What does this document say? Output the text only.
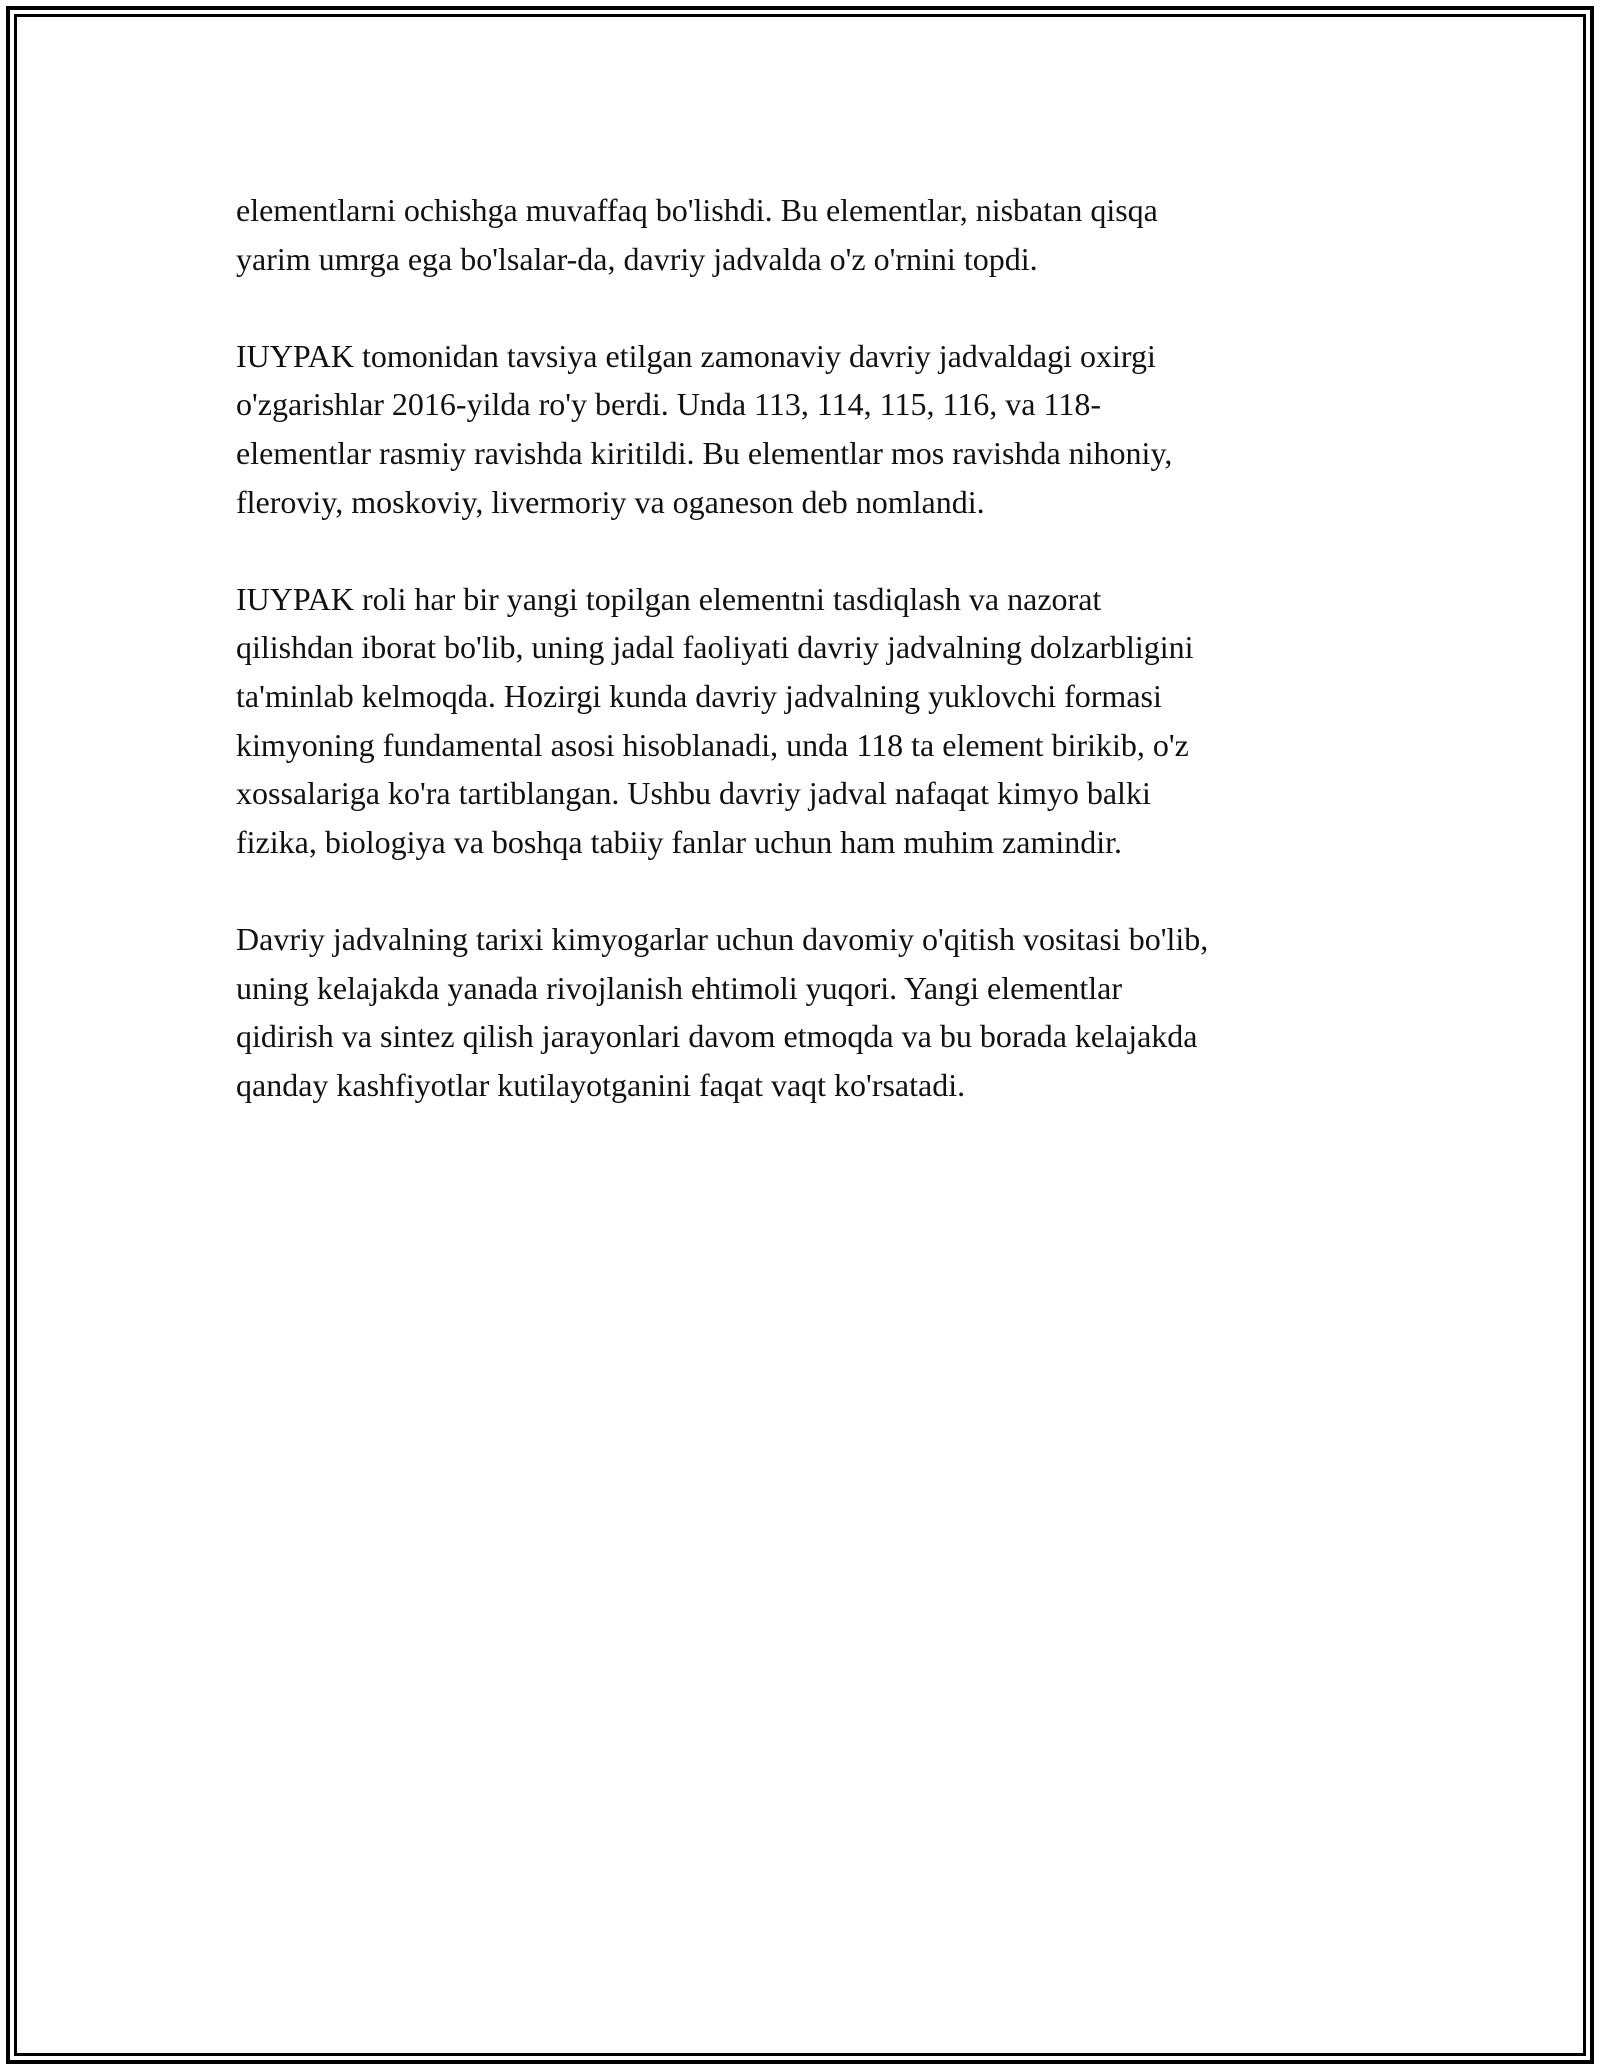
elementlarni ochishga muvaffaq bo'lishdi. Bu elementlar, nisbatan qisqa
yarim umrga ega bo'lsalar-da, davriy jadvalda o'z o'rnini topdi.

IUYPAK tomonidan tavsiya etilgan zamonaviy davriy jadvaldagi oxirgi
o'zgarishlar 2016-yilda ro'y berdi. Unda 113, 114, 115, 116, va 118-
elementlar rasmiy ravishda kiritildi. Bu elementlar mos ravishda nihoniy,
fleroviy, moskoviy, livermoriy va oganeson deb nomlandi.

IUYPAK roli har bir yangi topilgan elementni tasdiqlash va nazorat
qilishdan iborat bo'lib, uning jadal faoliyati davriy jadvalning dolzarbligini
ta'minlab kelmoqda. Hozirgi kunda davriy jadvalning yuklovchi formasi
kimyoning fundamental asosi hisoblanadi, unda 118 ta element birikib, o'z
xossalariga ko'ra tartiblangan. Ushbu davriy jadval nafaqat kimyo balki
fizika, biologiya va boshqa tabiiy fanlar uchun ham muhim zamindir.

Davriy jadvalning tarixi kimyogarlar uchun davomiy o'qitish vositasi bo'lib,
uning kelajakda yanada rivojlanish ehtimoli yuqori. Yangi elementlar
qidirish va sintez qilish jarayonlari davom etmoqda va bu borada kelajakda
qanday kashfiyotlar kutilayotganini faqat vaqt ko'rsatadi.
